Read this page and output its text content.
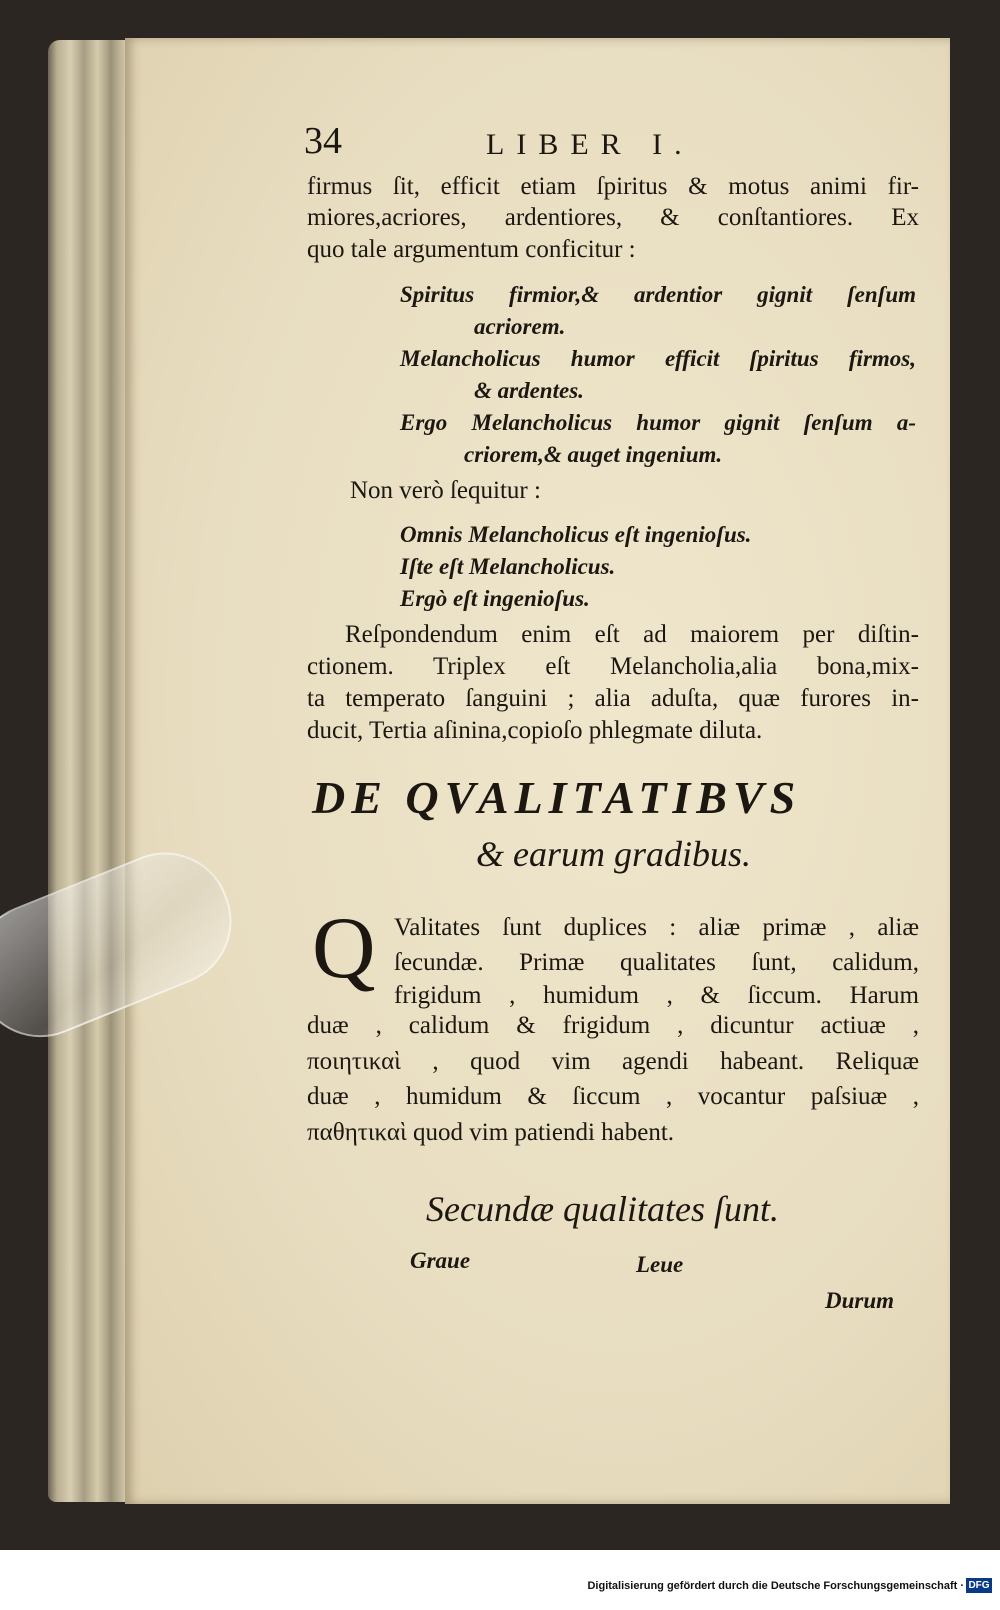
34	LIBER I.
firmus ſit, efficit etiam ſpiritus & motus animi fir-
miores,acriores, ardentiores, & conſtantiores. Ex
quo tale argumentum conficitur :
Spiritus firmior,& ardentior gignit ſenſum
acriorem.
Melancholicus humor efficit ſpiritus firmos,
& ardentes.
Ergo Melancholicus humor gignit ſenſum a-
criorem,& auget ingenium.
Non verò ſequitur :
Omnis Melancholicus eſt ingenioſus.
Iſte eſt Melancholicus.
Ergò eſt ingenioſus.
Reſpondendum enim eſt ad maiorem per diſtin-
ctionem. Triplex eſt Melancholia,alia bona,mix-
ta temperato ſanguini ; alia aduſta, quæ furores in-
ducit, Tertia aſinina,copioſo phlegmate diluta.
DE QVALITATIBVS
& earum gradibus.
Q Valitates ſunt duplices : aliæ primæ , aliæ
ſecundæ. Primæ qualitates ſunt, calidum,
frigidum , humidum , & ſiccum. Harum
duæ , calidum & frigidum , dicuntur actiuæ ,
ποιητικαὶ , quod vim agendi habeant. Reliquæ
duæ , humidum & ſiccum , vocantur paſsiuæ ,
παθητικαὶ quod vim patiendi habent.
Secundæ qualitates ſunt.
Graue	Leue
Durum
Digitalisierung gefördert durch die Deutsche Forschungsgemeinschaft · DFG
